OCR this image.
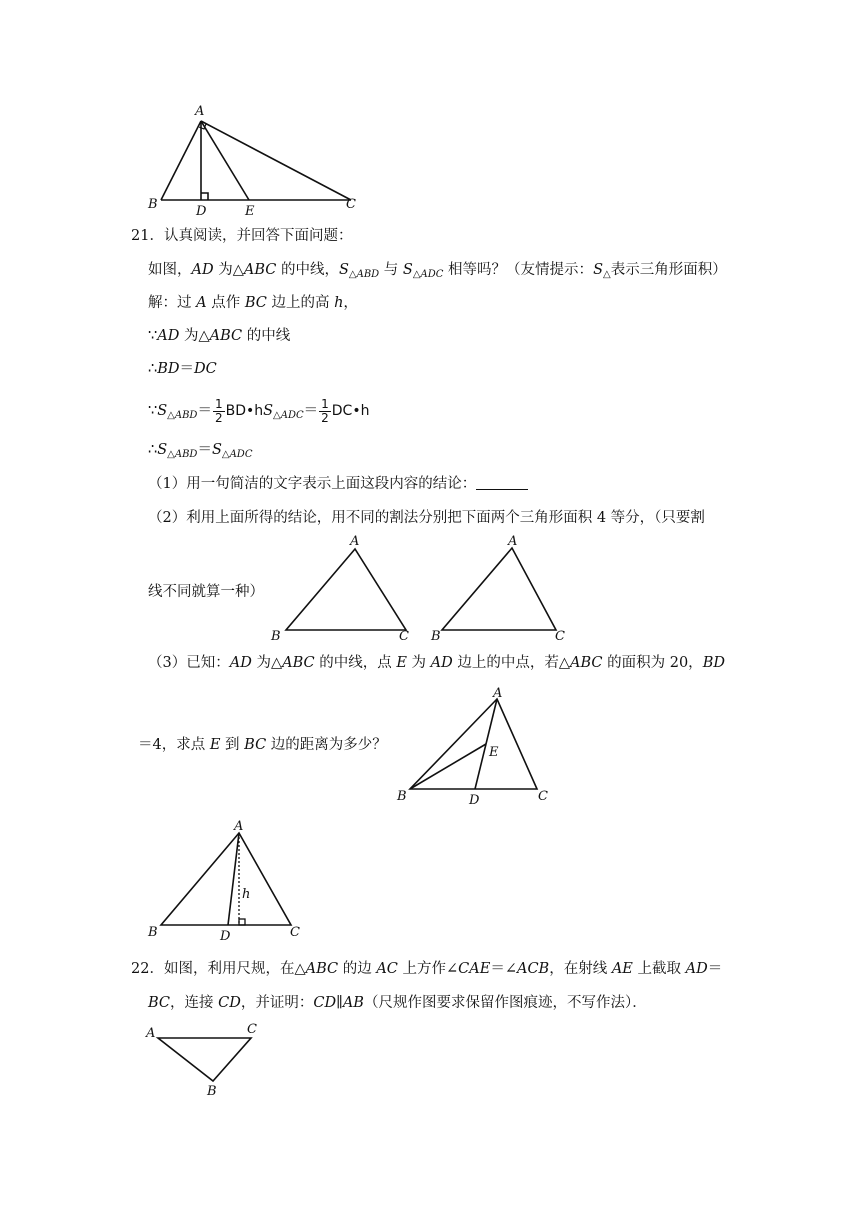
A
B	D	E	C
21．认真阅读，并回答下面问题：
如图，AD 为△ABC 的中线，$S_{\triangle ABD}$ 与 $S_{\triangle ADC}$ 相等吗？（友情提示：$S_\triangle$表示三角形面积）
解：过 A 点作 BC 边上的高 h，
∵AD 为△ABC 的中线
∴BD＝DC
$\because S_{\triangle ABD}= \frac{1}{2}$ $BD•hS_{\triangle ADC}= \frac{1}{2}$ DC•h
$\therefore S_{\triangle ABD}=S_{\triangle ADC}$
（1）用一句简洁的文字表示上面这段内容的结论：
（2）利用上面所得的结论，用不同的割法分别把下面两个三角形面积 4 等分，（只要割
线不同就算一种）
A
B	C
A
B	C
（3）已知：AD 为△ABC 的中线，点 E 为 AD 边上的中点，若△ABC 的面积为 20，BD
＝4，求点 E 到 BC 边的距离为多少？
A
E
B	D	C
A
h
B	D	C
22．如图，利用尺规，在△ABC 的边 AC 上方作∠CAE＝∠ACB，在射线 AE 上截取 AD＝
BC，连接 CD，并证明：CD∥AB（尺规作图要求保留作图痕迹，不写作法）．
A	C
B
